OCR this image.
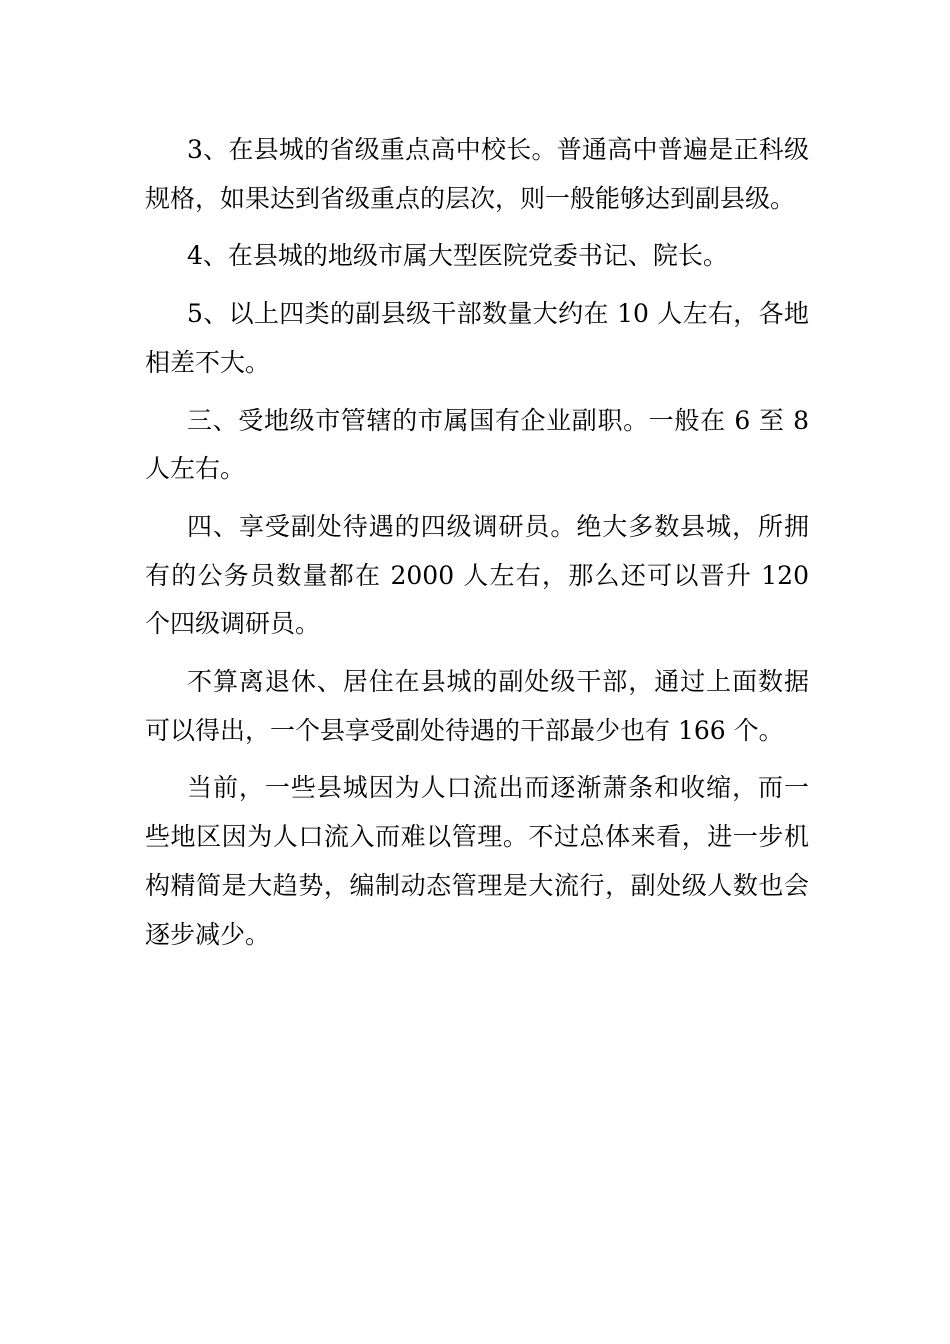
3、在县城的省级重点高中校长。普通高中普遍是正科级规格，如果达到省级重点的层次，则一般能够达到副县级。

4、在县城的地级市属大型医院党委书记、院长。

5、以上四类的副县级干部数量大约在 10 人左右，各地相差不大。

三、受地级市管辖的市属国有企业副职。一般在 6 至 8 人左右。

四、享受副处待遇的四级调研员。绝大多数县城，所拥有的公务员数量都在 2000 人左右，那么还可以晋升 120 个四级调研员。

不算离退休、居住在县城的副处级干部，通过上面数据可以得出，一个县享受副处待遇的干部最少也有 166 个。

当前，一些县城因为人口流出而逐渐萧条和收缩，而一些地区因为人口流入而难以管理。不过总体来看，进一步机构精简是大趋势，编制动态管理是大流行，副处级人数也会逐步减少。
